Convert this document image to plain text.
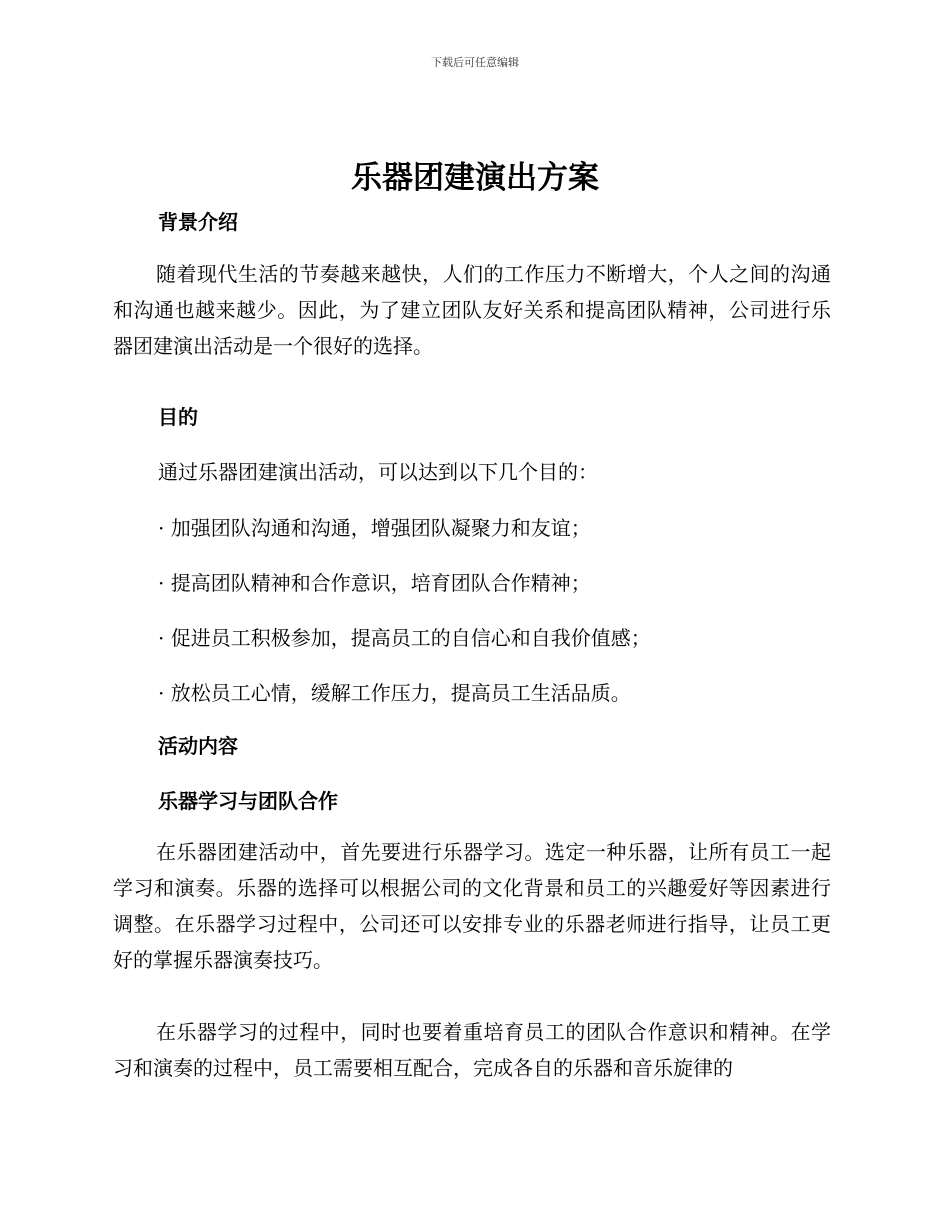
下载后可任意编辑
乐器团建演出方案
背景介绍
随着现代生活的节奏越来越快，人们的工作压力不断增大，个人之间的沟通和沟通也越来越少。因此，为了建立团队友好关系和提高团队精神，公司进行乐器团建演出活动是一个很好的选择。
目的
通过乐器团建演出活动，可以达到以下几个目的：
· 加强团队沟通和沟通，增强团队凝聚力和友谊；
· 提高团队精神和合作意识，培育团队合作精神；
· 促进员工积极参加，提高员工的自信心和自我价值感；
· 放松员工心情，缓解工作压力，提高员工生活品质。
活动内容
乐器学习与团队合作
在乐器团建活动中，首先要进行乐器学习。选定一种乐器，让所有员工一起学习和演奏。乐器的选择可以根据公司的文化背景和员工的兴趣爱好等因素进行调整。在乐器学习过程中，公司还可以安排专业的乐器老师进行指导，让员工更好的掌握乐器演奏技巧。
在乐器学习的过程中，同时也要着重培育员工的团队合作意识和精神。在学习和演奏的过程中，员工需要相互配合，完成各自的乐器和音乐旋律的
